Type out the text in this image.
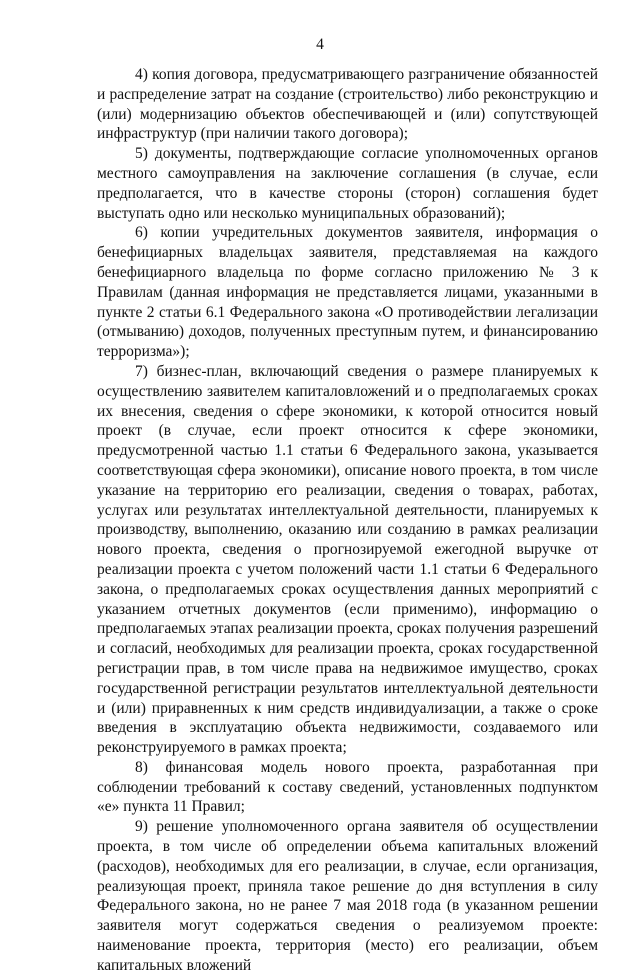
4

4) копия договора, предусматривающего разграничение обязанностей и распределение затрат на создание (строительство) либо реконструкцию и (или) модернизацию объектов обеспечивающей и (или) сопутствующей инфраструктур (при наличии такого договора);

5) документы, подтверждающие согласие уполномоченных органов местного самоуправления на заключение соглашения (в случае, если предполагается, что в качестве стороны (сторон) соглашения будет выступать одно или несколько муниципальных образований);

6) копии учредительных документов заявителя, информация о бенефициарных владельцах заявителя, представляемая на каждого бенефициарного владельца по форме согласно приложению № 3 к Правилам (данная информация не представляется лицами, указанными в пункте 2 статьи 6.1 Федерального закона «О противодействии легализации (отмыванию) доходов, полученных преступным путем, и финансированию терроризма»);

7) бизнес-план, включающий сведения о размере планируемых к осуществлению заявителем капиталовложений и о предполагаемых сроках их внесения, сведения о сфере экономики, к которой относится новый проект (в случае, если проект относится к сфере экономики, предусмотренной частью 1.1 статьи 6 Федерального закона, указывается соответствующая сфера экономики), описание нового проекта, в том числе указание на территорию его реализации, сведения о товарах, работах, услугах или результатах интеллектуальной деятельности, планируемых к производству, выполнению, оказанию или созданию в рамках реализации нового проекта, сведения о прогнозируемой ежегодной выручке от реализации проекта с учетом положений части 1.1 статьи 6 Федерального закона, о предполагаемых сроках осуществления данных мероприятий с указанием отчетных документов (если применимо), информацию о предполагаемых этапах реализации проекта, сроках получения разрешений и согласий, необходимых для реализации проекта, сроках государственной регистрации прав, в том числе права на недвижимое имущество, сроках государственной регистрации результатов интеллектуальной деятельности и (или) приравненных к ним средств индивидуализации, а также о сроке введения в эксплуатацию объекта недвижимости, создаваемого или реконструируемого в рамках проекта;

8) финансовая модель нового проекта, разработанная при соблюдении требований к составу сведений, установленных подпунктом «е» пункта 11 Правил;

9) решение уполномоченного органа заявителя об осуществлении проекта, в том числе об определении объема капитальных вложений (расходов), необходимых для его реализации, в случае, если организация, реализующая проект, приняла такое решение до дня вступления в силу Федерального закона, но не ранее 7 мая 2018 года (в указанном решении заявителя могут содержаться сведения о реализуемом проекте: наименование проекта, территория (место) его реализации, объем капитальных вложений
